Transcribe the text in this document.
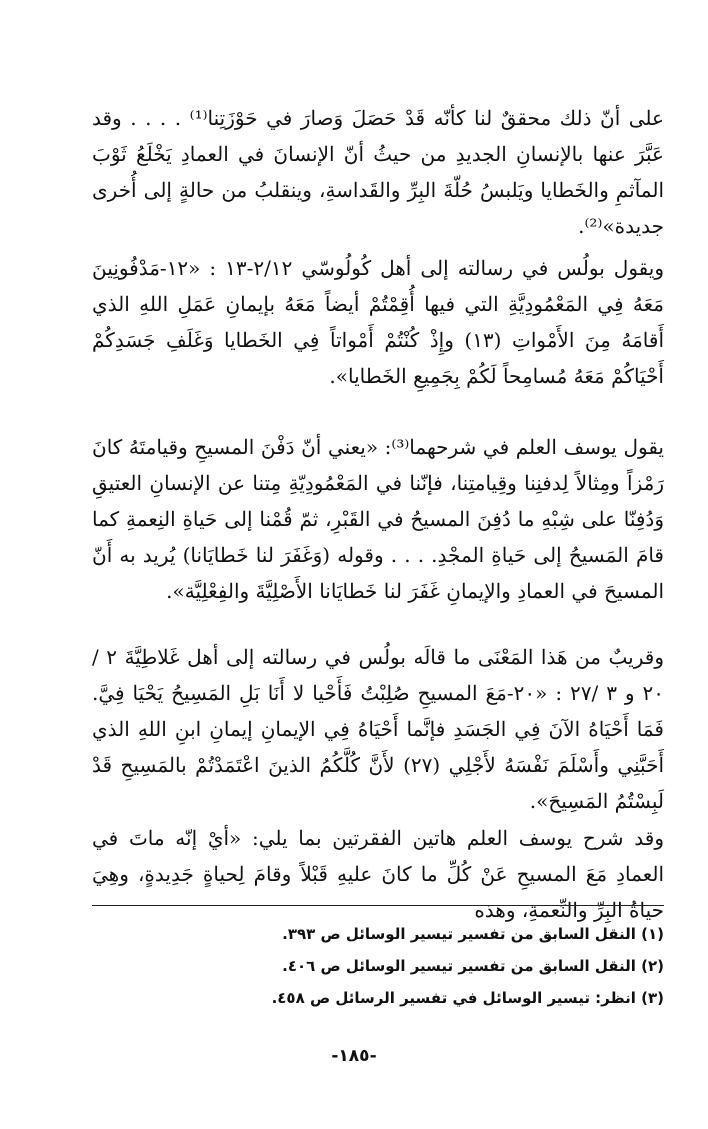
على أنّ ذلك محققٌ لنا كأنّه قَدْ حَصَلَ وَصارَ في حَوْزَتِنا⁽¹⁾ . . . . وقد عَبَّرَ عنها بالإنسانِ الجديدِ من حيثُ أنّ الإنسانَ في العمادِ يَخْلَعُ ثَوْبَ المآثمِ والخَطايا ويَلبسُ حُلّةَ البِرِّ والقَداسةِ، وينقلبُ من حالةٍ إلى أُخرى جديدة»⁽²⁾.

ويقول بولُس في رسالته إلى أهل كُولُوسّي ٢/١٢-١٣ : «١٢-مَدْفُونِينَ مَعَهُ فِي المَعْمُودِيَّةِ التي فيها أُقِمْتُمْ أيضاً مَعَهُ بإيمانِ عَمَلِ اللهِ الذي أَقامَهُ مِنَ الأَمْواتِ (١٣) وإِذْ كُنْتُمْ أَمْواتاً فِي الخَطايا وَغَلَفِ جَسَدِكُمْ أَحْيَاكُمْ مَعَهُ مُسامِحاً لَكُمْ بِجَمِيعِ الخَطايا».

يقول يوسف العلم في شرحهما⁽³⁾: «يعني أنّ دَفْنَ المسيحِ وقيامتَهُ كانَ رَمْزاً ومِثالاً لِدفنِنا وقِيامتِنا، فإنّنا في المَعْمُودِيّةِ مِتنا عن الإنسانِ العتيقِ وَدُفِنّا على شِبْهِ ما دُفِنَ المسيحُ في القَبْرِ، ثمّ قُمْنا إلى حَياةِ النِعمةِ كما قامَ المَسيحُ إلى حَياةِ المجْدِ. . . . وقوله (وَغَفَرَ لنا خَطايَانا) يُريد به أَنّ المسيحَ في العمادِ والإيمانِ غَفَرَ لنا خَطايَانا الأَصْلِيَّةَ والفِعْلِيَّة».

وقريبٌ من هَذا المَعْنَى ما قالَه بولُس في رسالته إلى أهل غَلاطِيَّةَ ٢ / ٢٠ و ٣ /٢٧ : «٢٠-مَعَ المسيحِ صُلِبْتُ فَأَحْيا لا أَنَا بَلِ المَسِيحُ يَحْيَا فِيَّ. فَمَا أَحْيَاهُ الآنَ فِي الجَسَدِ فإنَّما أَحْيَاهُ فِي الإيمانِ إيمانِ ابنِ اللهِ الذي أَحَبَّنِي وأَسْلَمَ نَفْسَهُ لأَجْلِي (٢٧) لأَنَّ كُلَّكُمُ الذينَ اعْتَمَدْتُمْ بالمَسِيحِ قَدْ لَبِسْتُمُ المَسِيحَ».

وقد شرح يوسف العلم هاتين الفقرتين بما يلي: «أيْ إنّه ماتَ في العمادِ مَعَ المسيحِ عَنْ كُلِّ ما كانَ عليهِ قَبْلاً وقامَ لِحياةٍ جَدِيدةٍ، وهِيَ حياةُ البِرِّ والنِّعمةِ، وهذه

(١) النقل السابق من تفسير تيسير الوسائل ص ٣٩٣.
(٢) النقل السابق من تفسير تيسير الوسائل ص ٤٠٦.
(٣) انظر: تيسير الوسائل في تفسير الرسائل ص ٤٥٨.
-١٨٥-
